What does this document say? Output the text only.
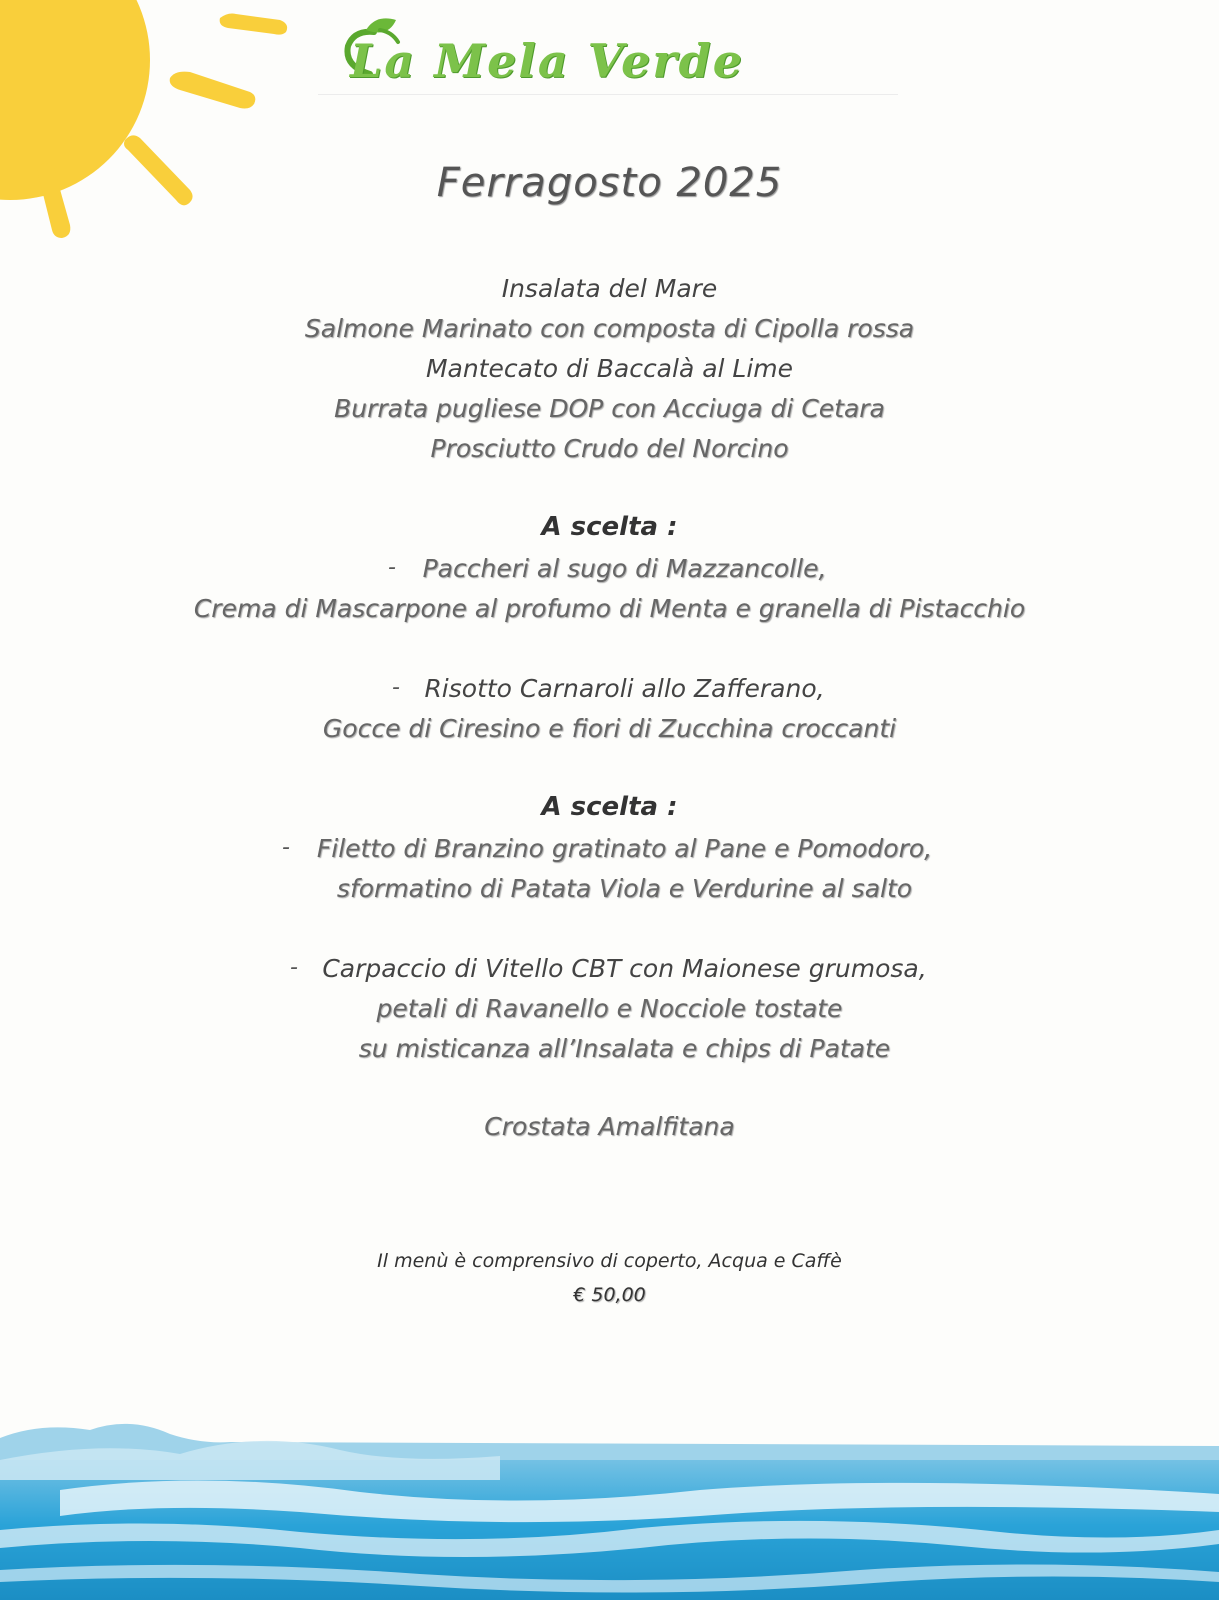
La Mela Verde
Ferragosto 2025
Insalata del Mare
Salmone Marinato con composta di Cipolla rossa
Mantecato di Baccalà al Lime
Burrata pugliese DOP con Acciuga di Cetara
Prosciutto Crudo del Norcino
A scelta :
-	Paccheri al sugo di Mazzancolle,
Crema di Mascarpone al profumo di Menta e granella di Pistacchio
- Risotto Carnaroli allo Zafferano,
Gocce di Ciresino e fiori di Zucchina croccanti
A scelta :
-	Filetto di Branzino gratinato al Pane e Pomodoro,
sformatino di Patata Viola e Verdurine al salto
- Carpaccio di Vitello CBT con Maionese grumosa,
petali di Ravanello e Nocciole tostate
su misticanza all’Insalata e chips di Patate
Crostata Amalfitana
Il menù è comprensivo di coperto, Acqua e Caffè
€ 50,00
